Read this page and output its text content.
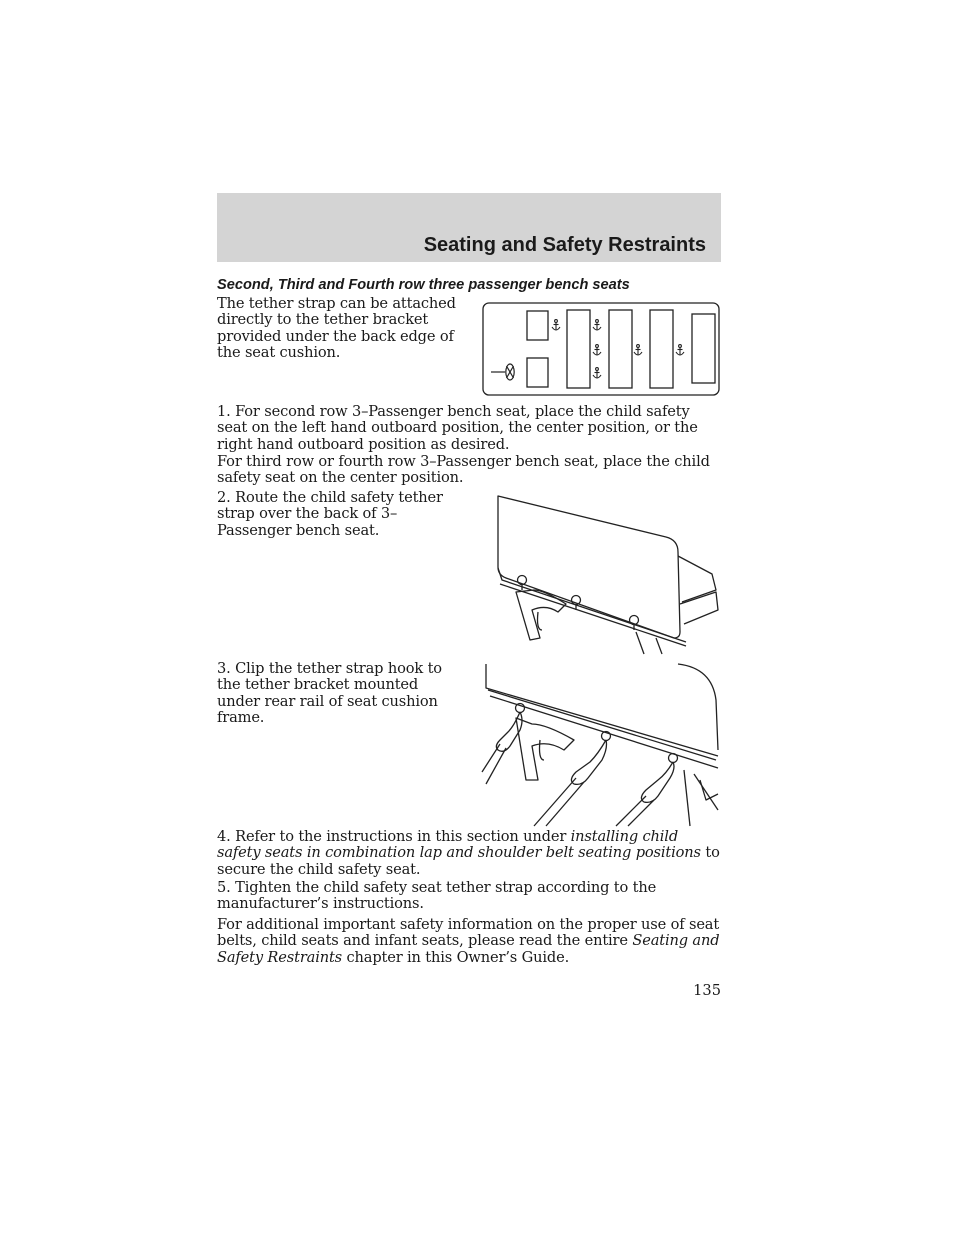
Seating and Safety Restraints
Second, Third and Fourth row three passenger bench seats
The tether strap can be attached directly to the tether bracket provided under the back edge of the seat cushion.
1. For second row 3–Passenger bench seat, place the child safety seat on the left hand outboard position, the center position, or the right hand outboard position as desired.
For third row or fourth row 3–Passenger bench seat, place the child safety seat on the center position.
2. Route the child safety tether strap over the back of 3–Passenger bench seat.
3. Clip the tether strap hook to the tether bracket mounted under rear rail of seat cushion frame.
4. Refer to the instructions in this section under installing child safety seats in combination lap and shoulder belt seating positions to secure the child safety seat.
5. Tighten the child safety seat tether strap according to the manufacturer’s instructions.
For additional important safety information on the proper use of seat belts, child seats and infant seats, please read the entire Seating and Safety Restraints chapter in this Owner’s Guide.
135
